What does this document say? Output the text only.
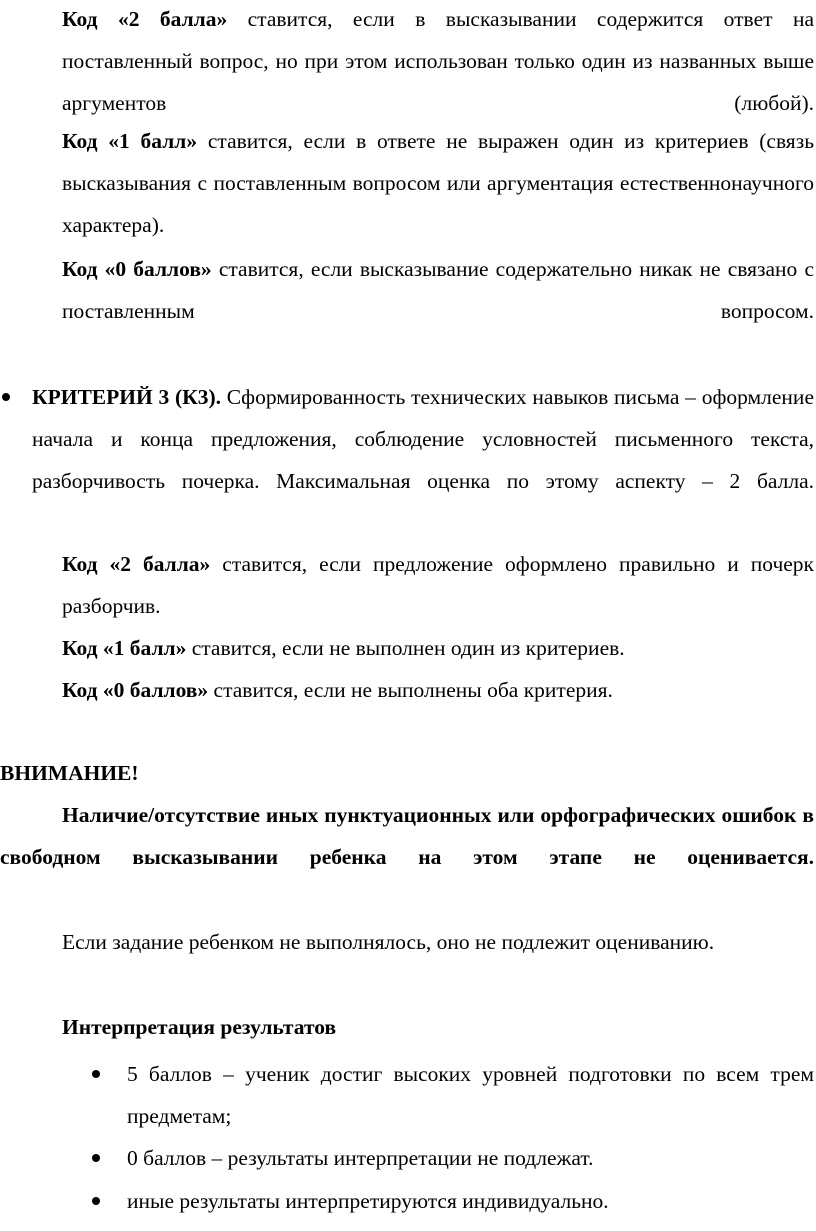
Код «2 балла» ставится, если в высказывании содержится ответ на поставленный вопрос, но при этом использован только один из названных выше аргументов (любой).

Код «1 балл» ставится, если в ответе не выражен один из критериев (связь высказывания с поставленным вопросом или аргументация естественнонаучного характера).

Код «0 баллов» ставится, если высказывание содержательно никак не связано с поставленным вопросом.

КРИТЕРИЙ 3 (К3). Сформированность технических навыков письма – оформление начала и конца предложения, соблюдение условностей письменного текста, разборчивость почерка. Максимальная оценка по этому аспекту – 2 балла.

Код «2 балла» ставится, если предложение оформлено правильно и почерк разборчив.

Код «1 балл» ставится, если не выполнен один из критериев.

Код «0 баллов» ставится, если не выполнены оба критерия.

ВНИМАНИЕ!

Наличие/отсутствие иных пунктуационных или орфографических ошибок в свободном высказывании ребенка на этом этапе не оценивается.

Если задание ребенком не выполнялось, оно не подлежит оцениванию.

Интерпретация результатов

5 баллов – ученик достиг высоких уровней подготовки по всем трем предметам;

0 баллов – результаты интерпретации не подлежат.

иные результаты интерпретируются индивидуально.
